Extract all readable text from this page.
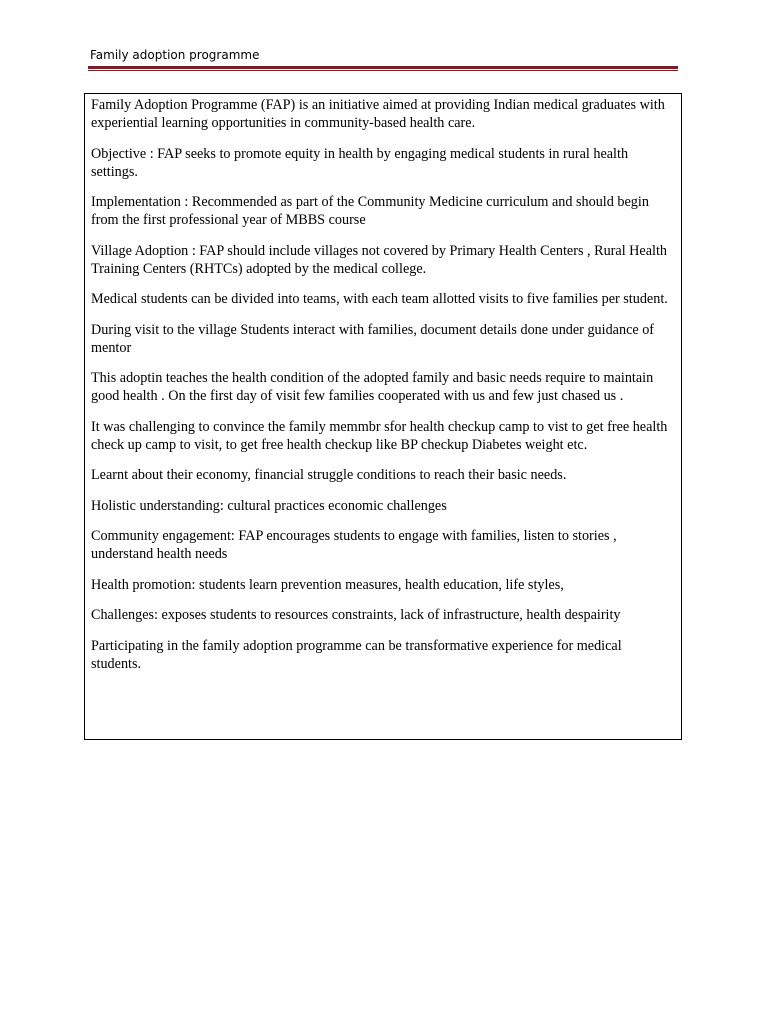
Family adoption programme

Family Adoption Programme (FAP) is an initiative aimed at providing Indian medical graduates with experiential learning opportunities in community-based health care.

Objective : FAP seeks to promote equity in health by engaging medical students in rural health settings.

Implementation : Recommended as part of the Community Medicine curriculum and should begin from the first professional year of MBBS course

Village Adoption : FAP should include villages not covered by Primary Health Centers , Rural Health Training Centers (RHTCs) adopted by the medical college.

Medical students can be divided into teams, with each team allotted visits to five families per student.

During visit to the village Students interact with families, document details done under guidance of mentor

This adoptin teaches the health condition of the adopted family and basic needs require to maintain good health . On the first day of visit few families cooperated with us and few just chased us .

It was challenging to convince the family memmbr sfor health checkup camp to vist to get free health check up camp to visit, to get free health checkup like BP checkup Diabetes weight etc.

Learnt about their economy, financial struggle conditions to reach their basic needs.

Holistic understanding: cultural practices economic challenges

Community engagement: FAP encourages students to engage with families, listen to stories , understand health needs

Health promotion: students learn prevention measures, health education, life styles,

Challenges: exposes students to resources constraints, lack of infrastructure, health despairity

Participating in the family adoption programme can be transformative experience for medical students.
